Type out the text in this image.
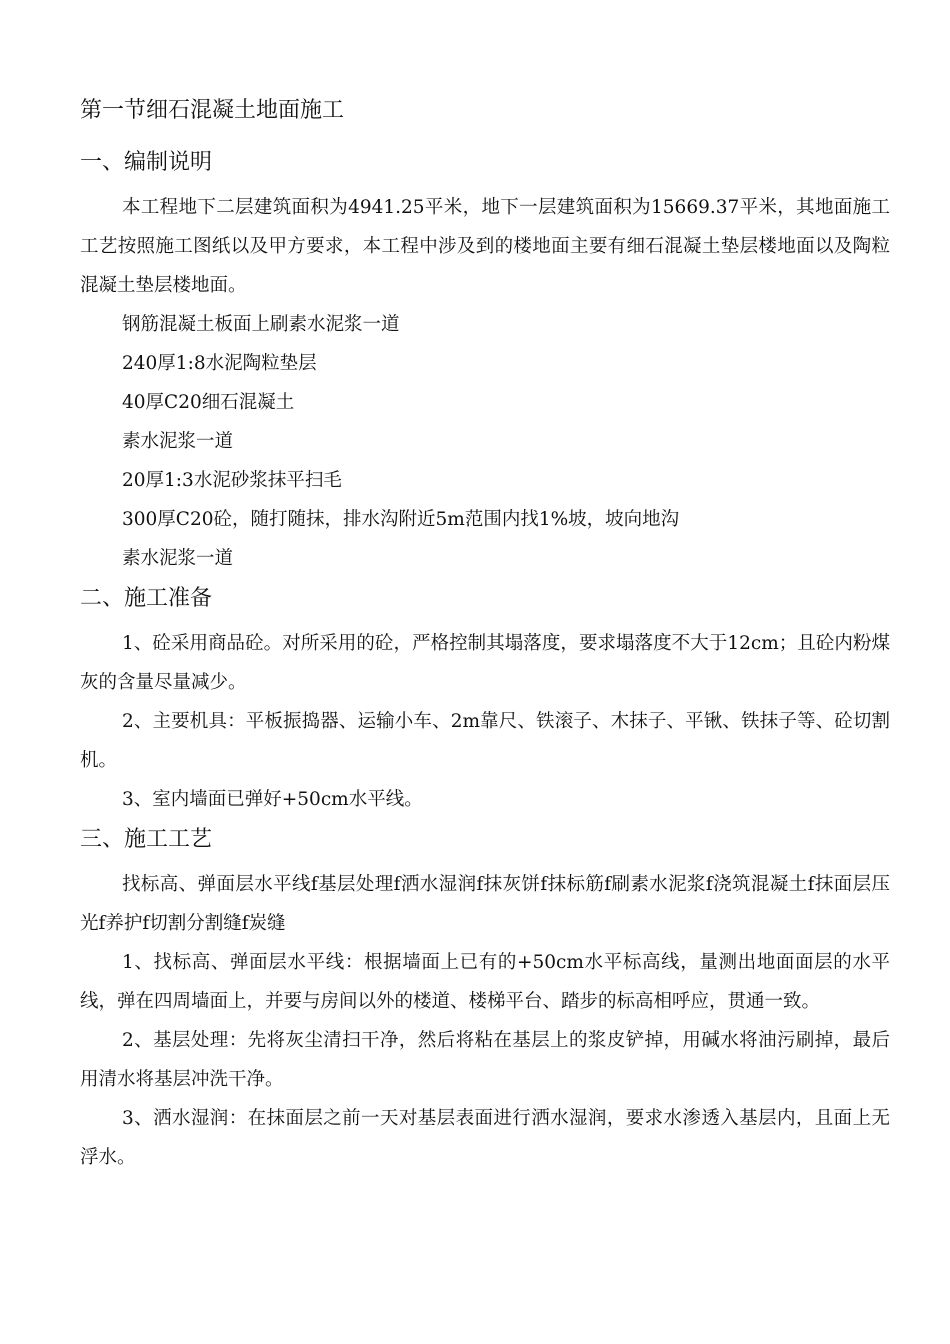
第一节细石混凝土地面施工
一、编制说明

本工程地下二层建筑面积为4941.25平米，地下一层建筑面积为15669.37平米，其地面施工工艺按照施工图纸以及甲方要求，本工程中涉及到的楼地面主要有细石混凝土垫层楼地面以及陶粒混凝土垫层楼地面。

钢筋混凝土板面上刷素水泥浆一道

240厚1:8水泥陶粒垫层

40厚C20细石混凝土

素水泥浆一道

20厚1:3水泥砂浆抹平扫毛

300厚C20砼，随打随抹，排水沟附近5m范围内找1%坡，坡向地沟

素水泥浆一道

二、施工准备

1、砼采用商品砼。对所采用的砼，严格控制其塌落度，要求塌落度不大于12cm；且砼内粉煤灰的含量尽量减少。

2、主要机具：平板振捣器、运输小车、2m靠尺、铁滚子、木抹子、平锹、铁抹子等、砼切割机。

3、室内墙面已弹好+50cm水平线。

三、施工工艺

找标高、弹面层水平线f基层处理f洒水湿润f抹灰饼f抹标筋f刷素水泥浆f浇筑混凝土f抹面层压光f养护f切割分割缝f炭缝

1、找标高、弹面层水平线：根据墙面上已有的+50cm水平标高线，量测出地面面层的水平线，弹在四周墙面上，并要与房间以外的楼道、楼梯平台、踏步的标高相呼应，贯通一致。

2、基层处理：先将灰尘清扫干净，然后将粘在基层上的浆皮铲掉，用碱水将油污刷掉，最后用清水将基层冲洗干净。

3、洒水湿润：在抹面层之前一天对基层表面进行洒水湿润，要求水渗透入基层内，且面上无浮水。
